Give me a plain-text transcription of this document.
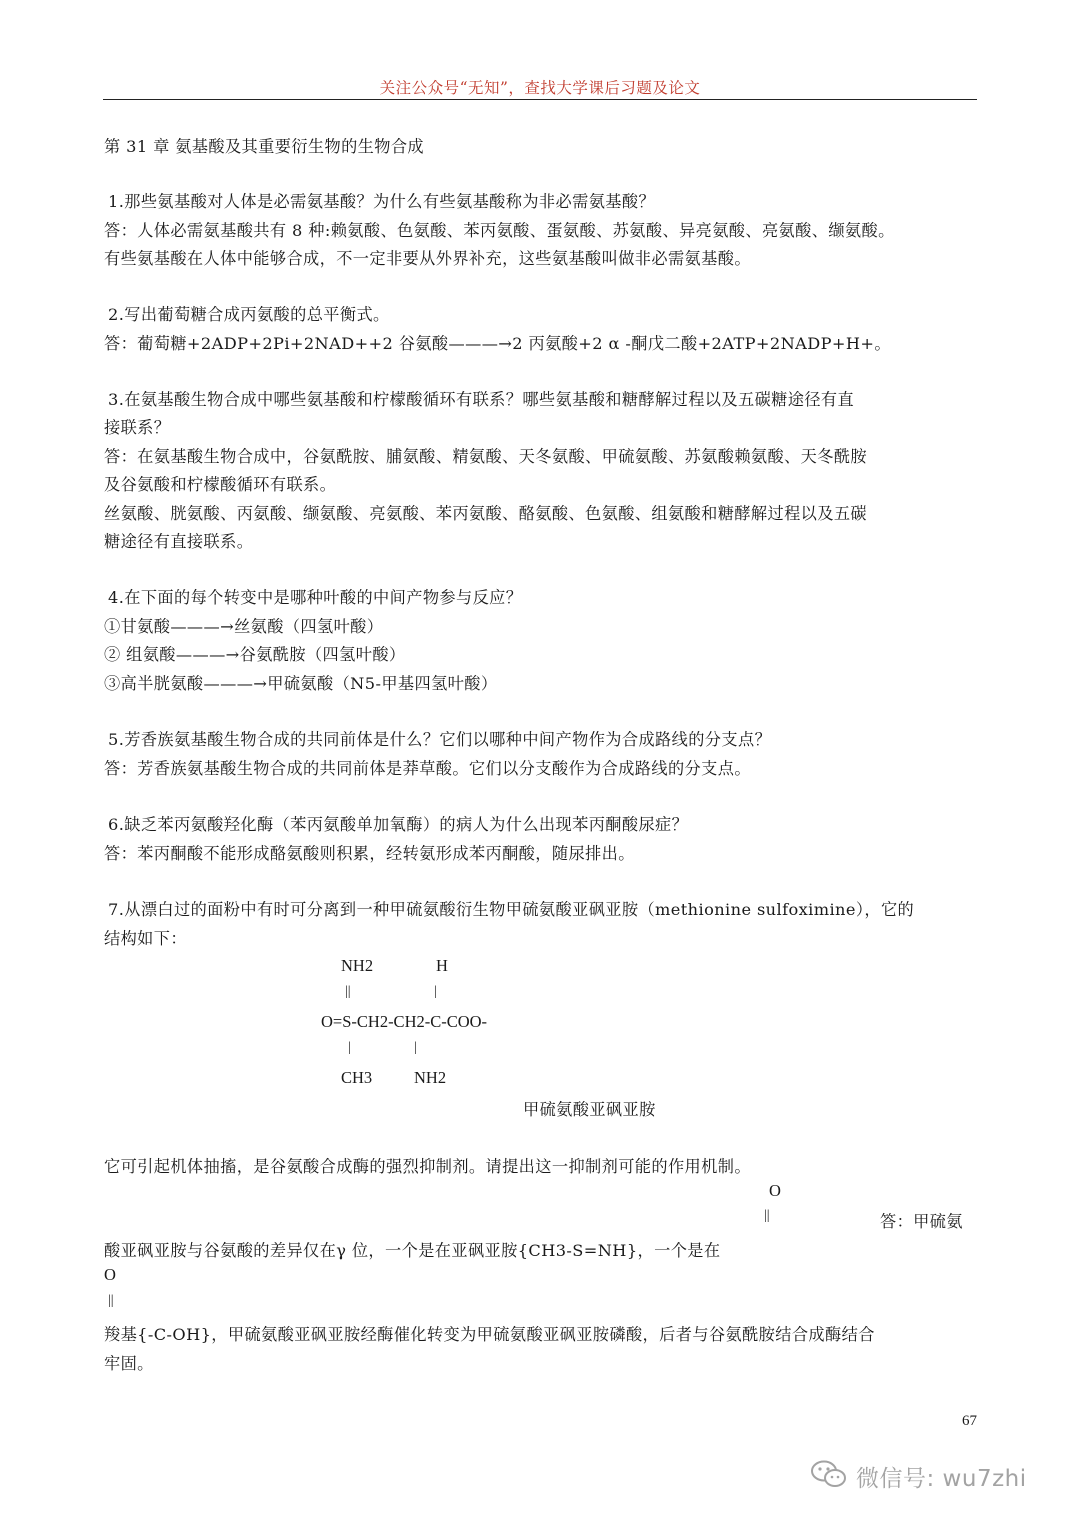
关注公众号“无知”，查找大学课后习题及论文
第 31 章 氨基酸及其重要衍生物的生物合成
1.那些氨基酸对人体是必需氨基酸？为什么有些氨基酸称为非必需氨基酸？
答：人体必需氨基酸共有 8 种:赖氨酸、色氨酸、苯丙氨酸、蛋氨酸、苏氨酸、异亮氨酸、亮氨酸、缬氨酸。
有些氨基酸在人体中能够合成，不一定非要从外界补充，这些氨基酸叫做非必需氨基酸。
2.写出葡萄糖合成丙氨酸的总平衡式。
答：葡萄糖+2ADP+2Pi+2NAD++2 谷氨酸———→2 丙氨酸+2 α -酮戊二酸+2ATP+2NADP+H+。
3.在氨基酸生物合成中哪些氨基酸和柠檬酸循环有联系？哪些氨基酸和糖酵解过程以及五碳糖途径有直
接联系？
答：在氨基酸生物合成中，谷氨酰胺、脯氨酸、精氨酸、天冬氨酸、甲硫氨酸、苏氨酸赖氨酸、天冬酰胺
及谷氨酸和柠檬酸循环有联系。
丝氨酸、胱氨酸、丙氨酸、缬氨酸、亮氨酸、苯丙氨酸、酪氨酸、色氨酸、组氨酸和糖酵解过程以及五碳
糖途径有直接联系。
4.在下面的每个转变中是哪种叶酸的中间产物参与反应？
①甘氨酸———→丝氨酸（四氢叶酸）
② 组氨酸———→谷氨酰胺（四氢叶酸）
③高半胱氨酸———→甲硫氨酸（N5-甲基四氢叶酸）
5.芳香族氨基酸生物合成的共同前体是什么？它们以哪种中间产物作为合成路线的分支点？
答：芳香族氨基酸生物合成的共同前体是莽草酸。它们以分支酸作为合成路线的分支点。
6.缺乏苯丙氨酸羟化酶（苯丙氨酸单加氧酶）的病人为什么出现苯丙酮酸尿症？
答：苯丙酮酸不能形成酪氨酸则积累，经转氨形成苯丙酮酸，随尿排出。
7.从漂白过的面粉中有时可分离到一种甲硫氨酸衍生物甲硫氨酸亚砜亚胺（methionine sulfoximine），它的
结构如下：
NH2	H
||	|
O=S-CH2-CH2-C-COO-
|	|
CH3	NH2
甲硫氨酸亚砜亚胺
它可引起机体抽搐，是谷氨酸合成酶的强烈抑制剂。请提出这一抑制剂可能的作用机制。
O
||	答：甲硫氨
酸亚砜亚胺与谷氨酸的差异仅在γ 位，一个是在亚砜亚胺{CH3-S=NH}，一个是在
O
||
羧基{-C-OH}，甲硫氨酸亚砜亚胺经酶催化转变为甲硫氨酸亚砜亚胺磷酸，后者与谷氨酰胺结合成酶结合
牢固。
67
微信号: wu7zhi
